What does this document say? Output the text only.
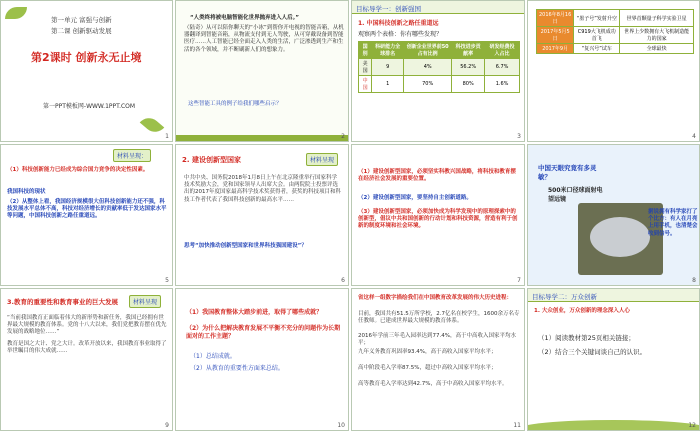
第一单元 富强与创新
第二课 创新驱动发展
第2课时 创新永无止境
第一PPT模板网-WWW.1PPT.COM
1
“人类终将被电脑智能化世界抛弃进入人后。”
（陆奇）从可以陪你聊天的“小冰”到帮你开电视的智能音箱，从机器翻译到智能音箱，从物流支付到无人驾驶，从可穿戴设备到智能医疗……人工智能已经全面走入人类的生活，广泛渗透到生产和生活的各个领域，并不断刷新人们的想象力。
这些智能工具的例子给我们哪些启示？
2
目标导学一：创新强国
1. 中国科技创新之路任重道远
观察两个表格：你有哪些发现？
国别	科研能力全球排名	创新企业世界前50占有比例	科技进步贡献率	研发经费投入占比
美国	9	4%	56.2%	6.7%
中国	1	70%	80%	1.6%
3
2016年8月16日	“墨子号”发射升空	世界首颗量子科学实验卫星
2017年5月5日	C919大飞机成功首飞	世界上少数拥有大飞机制造能力的国家
2017年9月	“复兴号”试车	全球最快
4
材料呈现：
（1）科技创新能力已经成为综合国力竞争的决定性因素。
我国科技的现状
（2）从整体上看，我国经济规模很大但科技创新能力还不强，科技发展水平总体不高，科技对经济增长的贡献率低于发达国家水平等问题，中国科技创新之路任重道远。
5
2. 建设创新型国家	材料呈现
中共中央、国务院2018年1月8日上午在北京隆重举行国家科学技术奖励大会，党和国家领导人出席大会。由两院院士投票评选出的2017年度国家最高科学技术奖获得者，获奖的科技项目和科技工作者代表了我国科技创新的最高水平……
思考“加快推动创新型国家和世界科技强国建设”？
6
（1）建设创新型国家，必须坚实科教兴国战略，将科技和教育摆在经济社会发展的重要位置。
（2）建设创新型国家，要坚持自主创新道路。
（3）建设创新型国家，必须加快成为科学发现中的原理探索中的创新型，倡议中共和国创新的行动计划和科技资源，营造有利于创新的制度环境和社会环境。
7
中国天眼究竟有多灵敏？
500米口径球面射电望远镜
据说拥有科学家打了个比方：有人在月亮上用手机，也清楚会收到信号。
8
3.教育的重要性和教育事业的巨大发展	材料呈现
“当前我国教育正面临着伟大的新形势和新任务，我国已经拥有世界最大规模的教育体系。党的十八大以来，我们党把教育摆在优先发展的战略地位……”
教育是国之大计、党之大计。改革开放以来，我国教育事业取得了举世瞩目的伟大成就……
9
（1）我国教育整体大踏步前进，取得了哪些成就？
（2）为什么把解决教育发展不平衡不充分的问题作为长期面对的工作主题？
（1）总结成就。
（2）从教育的重要性方面来总结。
10
省这样一组数字描绘我们在中国教育改革发展的伟大历史进程：
目前，我国共有51.5万所学校，2.7亿名在校学生，1600余万名专任教师。已建成世界最大规模的教育体系。
2016年学前三年毛入园率达到77.4%，高于中高收入国家平均水平；
九年义务教育巩固率93.4%，高于高收入国家平均水平；
高中阶段毛入学率87.5%，超过中高收入国家平均水平；
高等教育毛入学率达到42.7%，高于中高收入国家平均水平。
11
目标导学二：万众创新
1. 大众创业，万众创新的理念深入人心
（1）阅读教材第25页相关链接；
（2）结合三个关键词谈自己的认识。
12
